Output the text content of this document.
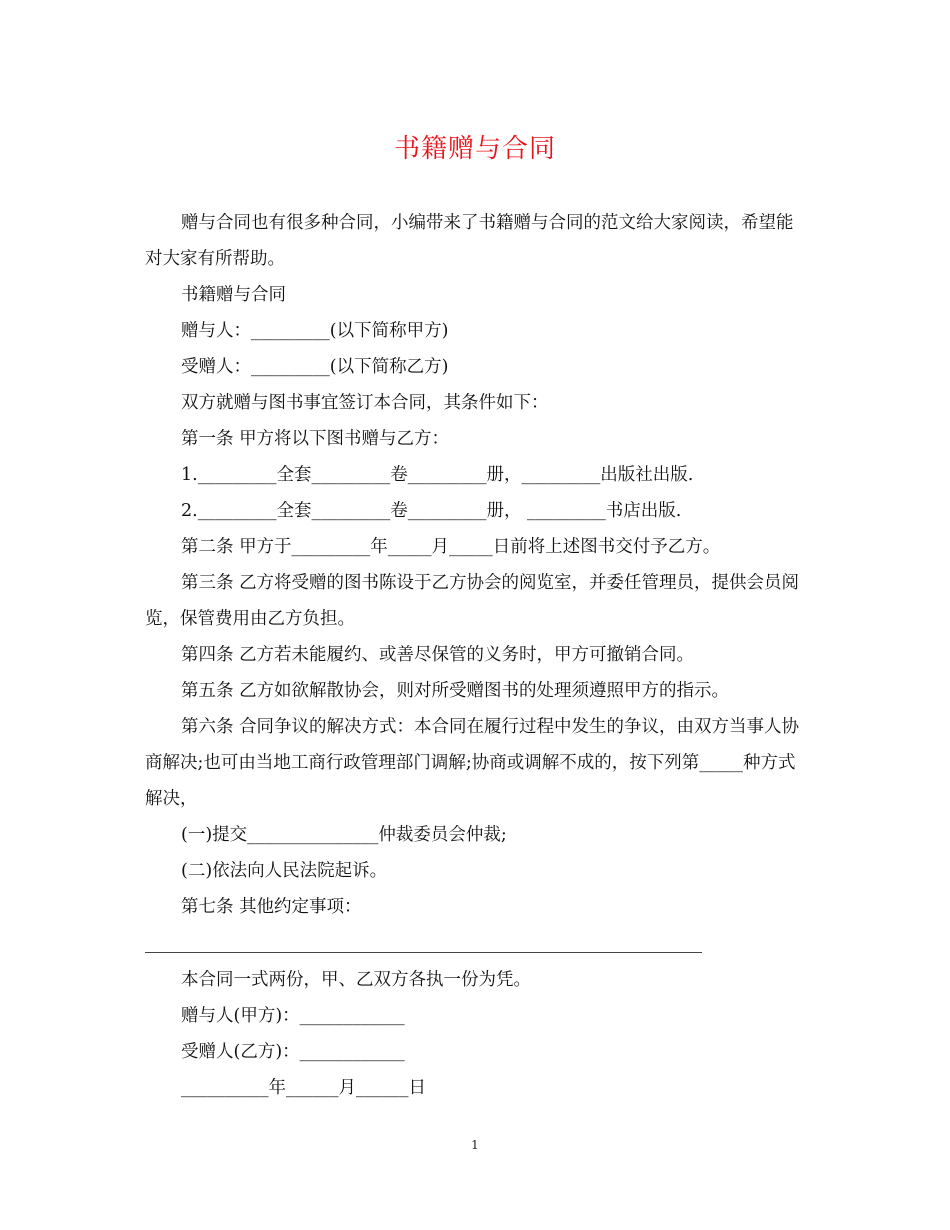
书籍赠与合同

赠与合同也有很多种合同，小编带来了书籍赠与合同的范文给大家阅读，希望能对大家有所帮助。

书籍赠与合同

赠与人：_________(以下简称甲方)

受赠人：_________(以下简称乙方)

双方就赠与图书事宜签订本合同，其条件如下：

第一条 甲方将以下图书赠与乙方：

1._________全套_________卷_________册，_________出版社出版.

2._________全套_________卷_________册， _________书店出版.

第二条 甲方于_________年_____月_____日前将上述图书交付予乙方。

第三条 乙方将受赠的图书陈设于乙方协会的阅览室，并委任管理员，提供会员阅览，保管费用由乙方负担。

第四条 乙方若未能履约、或善尽保管的义务时，甲方可撤销合同。

第五条 乙方如欲解散协会，则对所受赠图书的处理须遵照甲方的指示。

第六条 合同争议的解决方式：本合同在履行过程中发生的争议，由双方当事人协商解决;也可由当地工商行政管理部门调解;协商或调解不成的，按下列第_____种方式解决，

(一)提交_______________仲裁委员会仲裁;

(二)依法向人民法院起诉。

第七条 其他约定事项：

本合同一式两份，甲、乙双方各执一份为凭。

赠与人(甲方)：____________

受赠人(乙方)：____________

__________年______月______日

1
